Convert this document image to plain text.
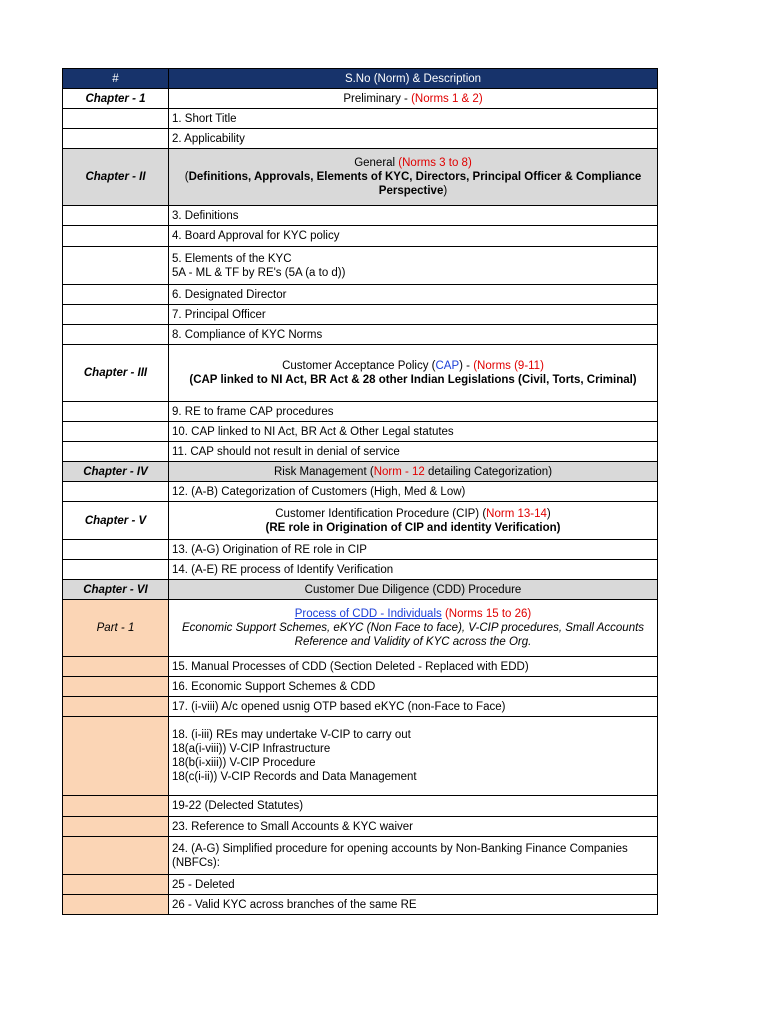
#	S.No (Norm) & Description
Chapter - 1	Preliminary - (Norms 1 & 2)
	1. Short Title
	2. Applicability
Chapter - II	General (Norms 3 to 8)
(Definitions, Approvals, Elements of KYC, Directors, Principal Officer & Compliance Perspective)

	3. Definitions
	4. Board Approval for KYC policy

	5. Elements of the KYC
5A - ML & TF by RE's (5A (a to d))

	6. Designated Director
	7. Principal Officer
	8. Compliance of KYC Norms
Chapter - III	Customer Acceptance Policy (CAP) - (Norms (9-11)
(CAP linked to NI Act, BR Act & 28 other Indian Legislations (Civil, Torts, Criminal)

	9. RE to frame CAP procedures
	10. CAP linked to NI Act, BR Act & Other Legal statutes
	11. CAP should not result in denial of service
Chapter - IV	Risk Management (Norm - 12 detailing Categorization)
	12. (A-B) Categorization of Customers (High, Med & Low)
Chapter - V	Customer Identification Procedure (CIP) (Norm 13-14)
(RE role in Origination of CIP and identity Verification)

	13. (A-G) Origination of RE role in CIP
	14. (A-E) RE process of Identify Verification
Chapter - VI	Customer Due Diligence (CDD) Procedure
Part - 1	Process of CDD - Individuals (Norms 15 to 26)
Economic Support Schemes, eKYC (Non Face to face), V-CIP procedures, Small Accounts Reference and Validity of KYC across the Org.

	15. Manual Processes of CDD (Section Deleted - Replaced with EDD)
	16. Economic Support Schemes & CDD
	17. (i-viii) A/c opened usnig OTP based eKYC (non-Face to Face)

	18. (i-iii) REs may undertake V-CIP to carry out
18(a(i-viii)) V-CIP Infrastructure
18(b(i-xiii)) V-CIP Procedure
18(c(i-ii)) V-CIP Records and Data Management

	19-22 (Delected Statutes)
	23. Reference to Small Accounts & KYC waiver
	24. (A-G) Simplified procedure for opening accounts by Non-Banking Finance Companies (NBFCs):
	25 - Deleted
	26 - Valid KYC across branches of the same RE
